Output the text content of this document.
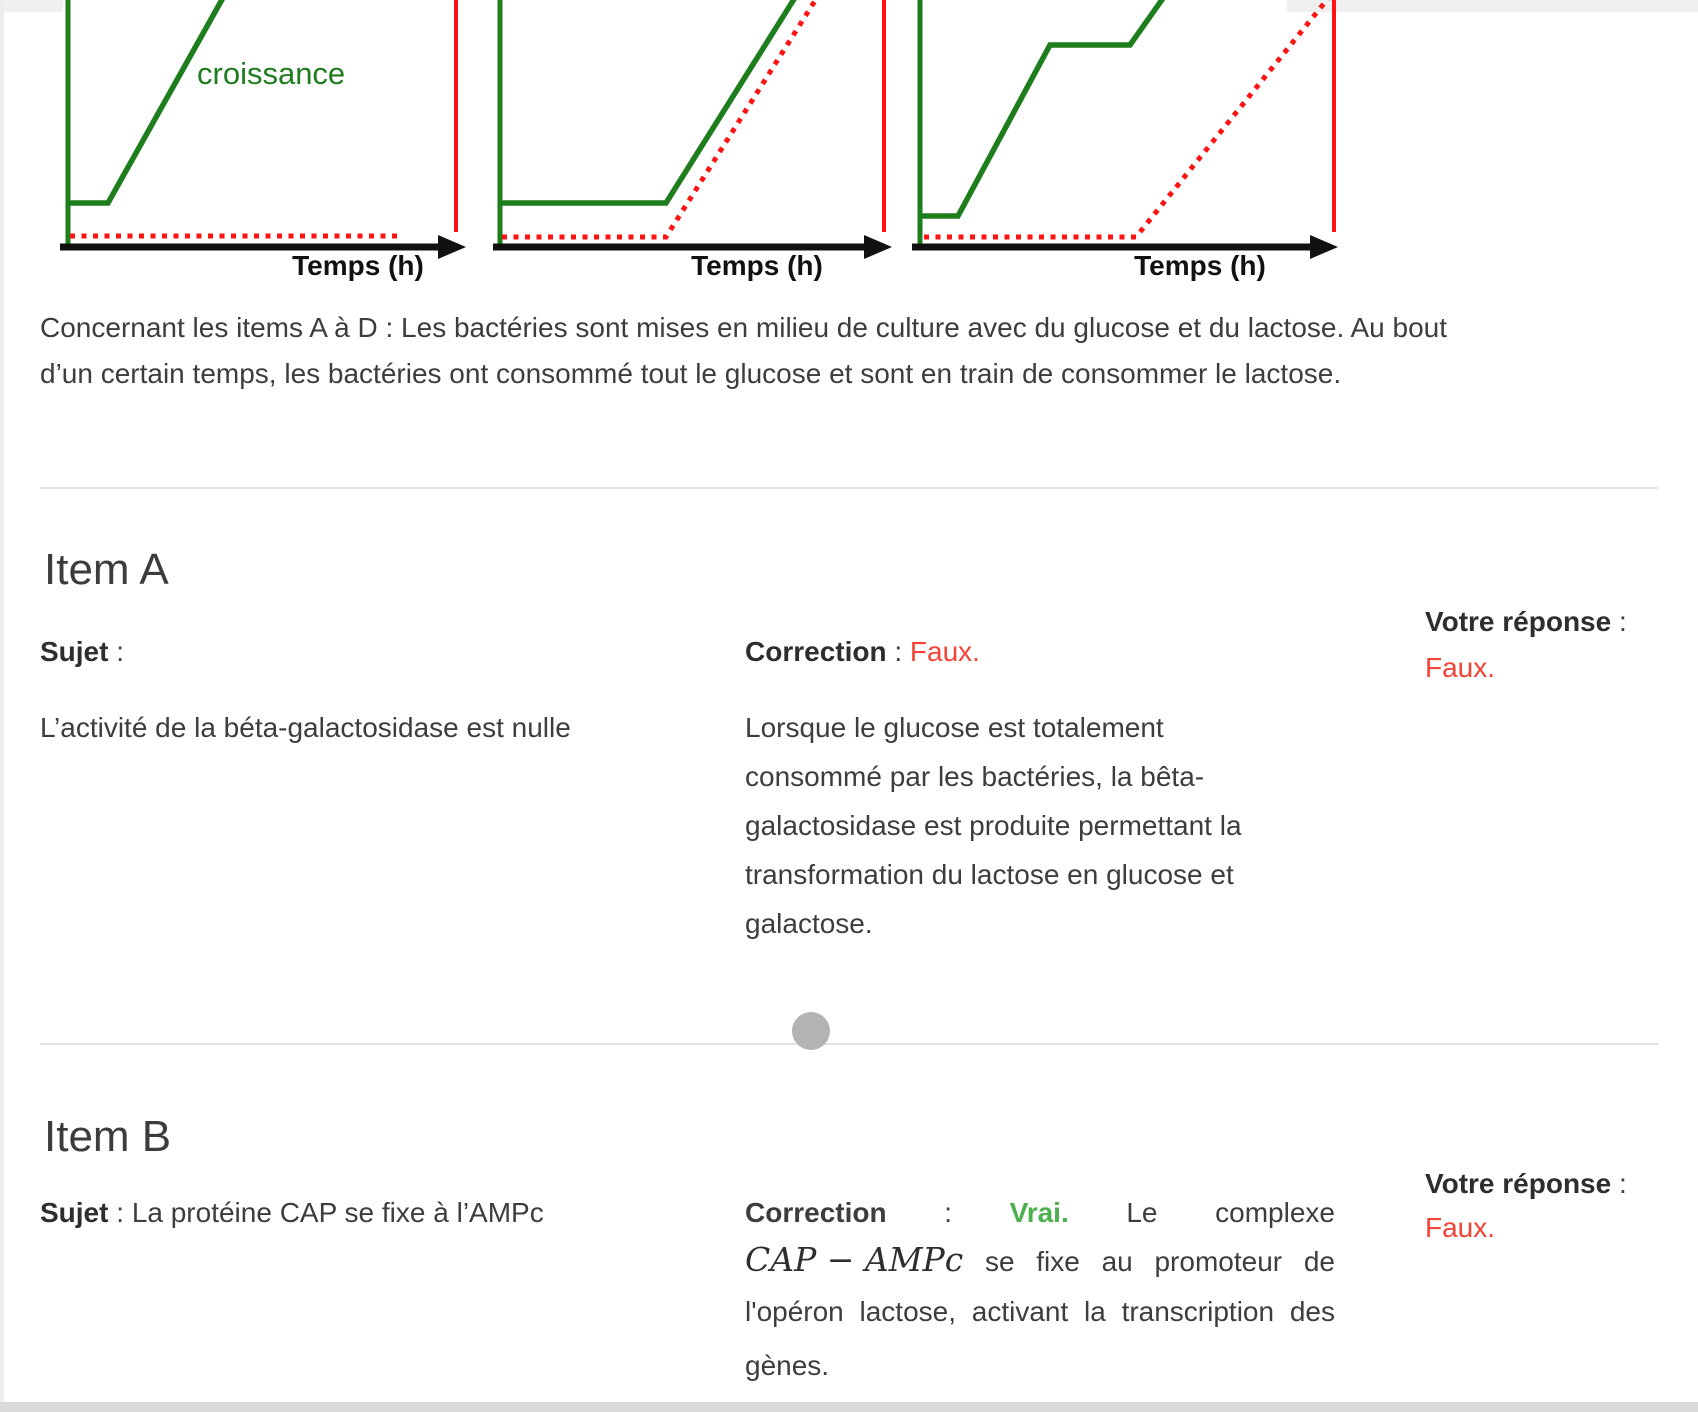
croissance
Temps (h)	Temps (h)	Temps (h)
Concernant les items A à D : Les bactéries sont mises en milieu de culture avec du glucose et du lactose. Au bout
d’un certain temps, les bactéries ont consommé tout le glucose et sont en train de consommer le lactose.
Item A
Votre réponse :
Faux.
Sujet :	Correction : Faux.
L’activité de la béta-galactosidase est nulle	Lorsque le glucose est totalement
consommé par les bactéries, la bêta-
galactosidase est produite permettant la
transformation du lactose en glucose et
galactose.
Item B
Votre réponse :
Faux.
Sujet : La protéine CAP se fixe à l’AMPc	Correction : Vrai. Le complexe
CAP − AMPc se fixe au promoteur de
l'opéron lactose, activant la transcription des
gènes.
